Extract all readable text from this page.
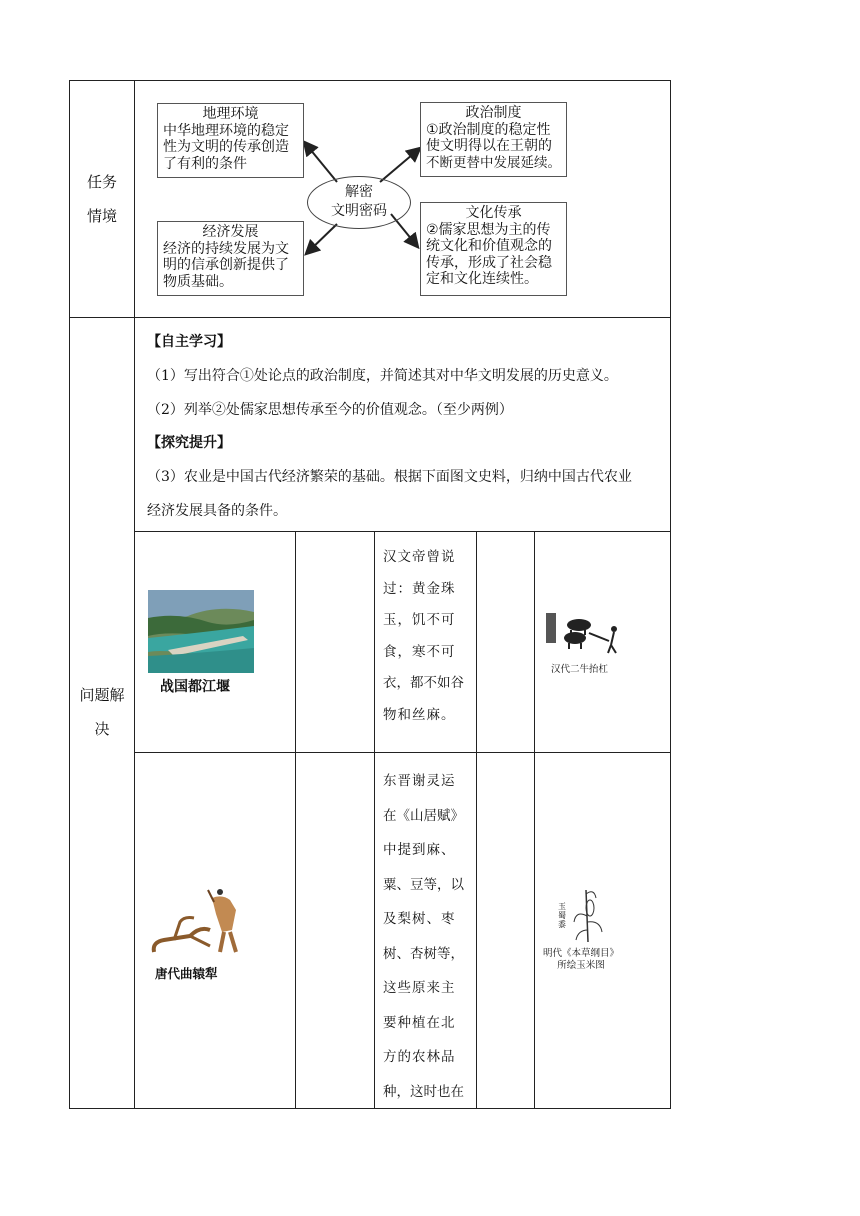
任务情境
地理环境
中华地理环境的稳定
性为文明的传承创造
了有利的条件
政治制度
①政治制度的稳定性
使文明得以在王朝的
不断更替中发展延续。
经济发展
经济的持续发展为文
明的信承创新提供了
物质基础。
文化传承
②儒家思想为主的传
统文化和价值观念的
传承，形成了社会稳
定和文化连续性。
解密
文明密码
问题解
决
【自主学习】
（1）写出符合①处论点的政治制度，并简述其对中华文明发展的历史意义。
（2）列举②处儒家思想传承至今的价值观念。（至少两例）
【探究提升】
（3）农业是中国古代经济繁荣的基础。根据下面图文史料，归纳中国古代农业
经济发展具备的条件。
战国都江堰
汉文帝曾说
过：黄金珠
玉，饥不可
食，寒不可
衣，都不如谷
物和丝麻。
汉代二牛抬杠
唐代曲辕犁
东晋谢灵运
在《山居赋》
中提到麻、
粟、豆等，以
及梨树、枣
树、杏树等，
这些原来主
要种植在北
方的农林品
种，这时也在
玉蜀黍
明代《本草纲目》
所绘玉米图
